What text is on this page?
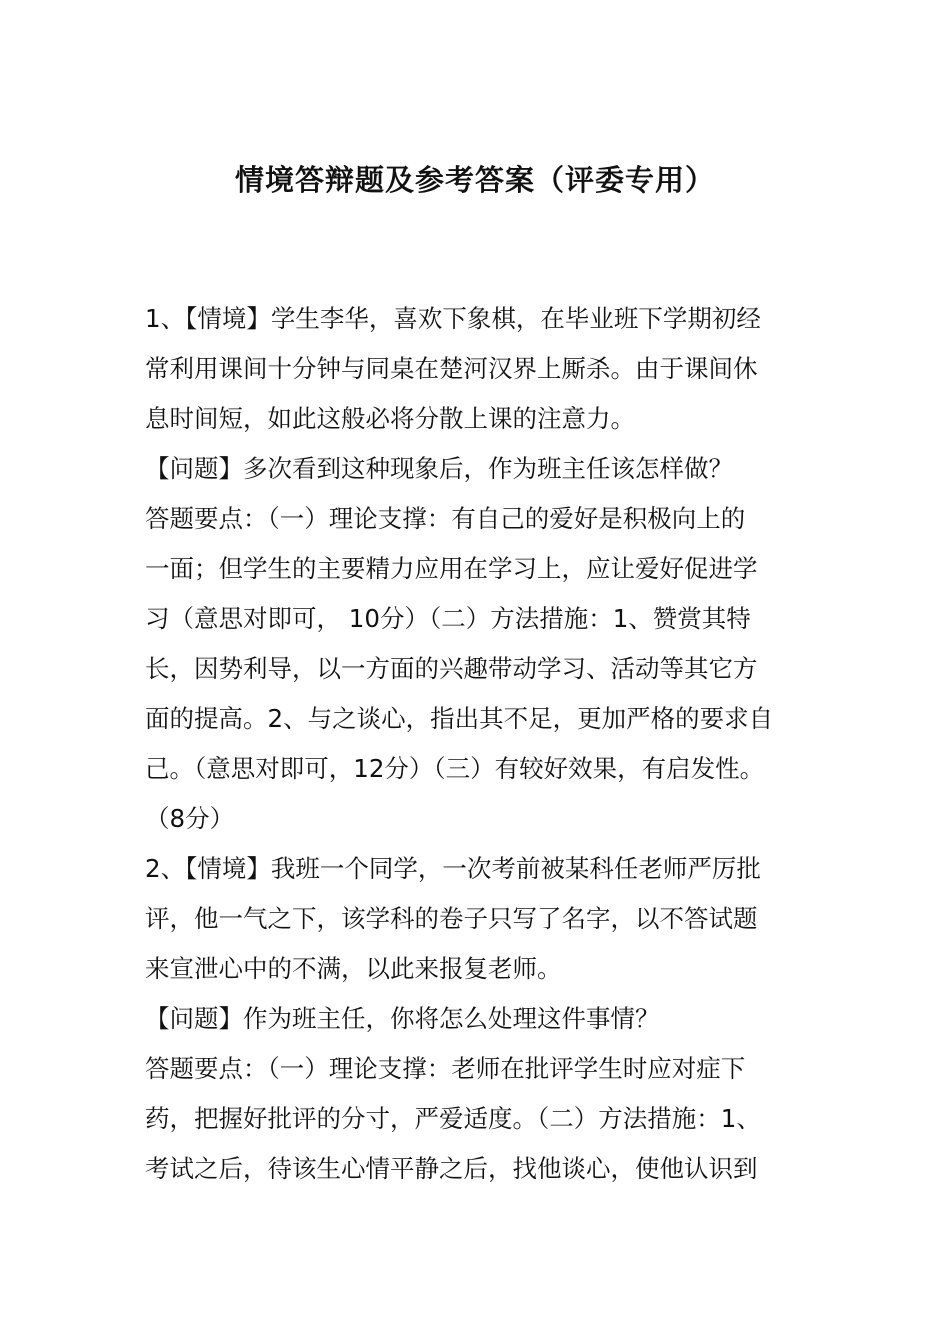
情境答辩题及参考答案（评委专用）
1、【情境】学生李华，喜欢下象棋，在毕业班下学期初经
常利用课间十分钟与同桌在楚河汉界上厮杀。由于课间休
息时间短，如此这般必将分散上课的注意力。
【问题】多次看到这种现象后，作为班主任该怎样做？
答题要点：（一）理论支撑：有自己的爱好是积极向上的
一面；但学生的主要精力应用在学习上，应让爱好促进学
习（意思对即可， 10分）（二）方法措施：1、赞赏其特
长，因势利导，以一方面的兴趣带动学习、活动等其它方
面的提高。2、与之谈心，指出其不足，更加严格的要求自
己。（意思对即可，12分）（三）有较好效果，有启发性。
（8分）
2、【情境】我班一个同学，一次考前被某科任老师严厉批
评，他一气之下，该学科的卷子只写了名字，以不答试题
来宣泄心中的不满，以此来报复老师。
【问题】作为班主任，你将怎么处理这件事情？
答题要点：（一）理论支撑：老师在批评学生时应对症下
药，把握好批评的分寸，严爱适度。（二）方法措施：1、
考试之后，待该生心情平静之后，找他谈心，使他认识到
